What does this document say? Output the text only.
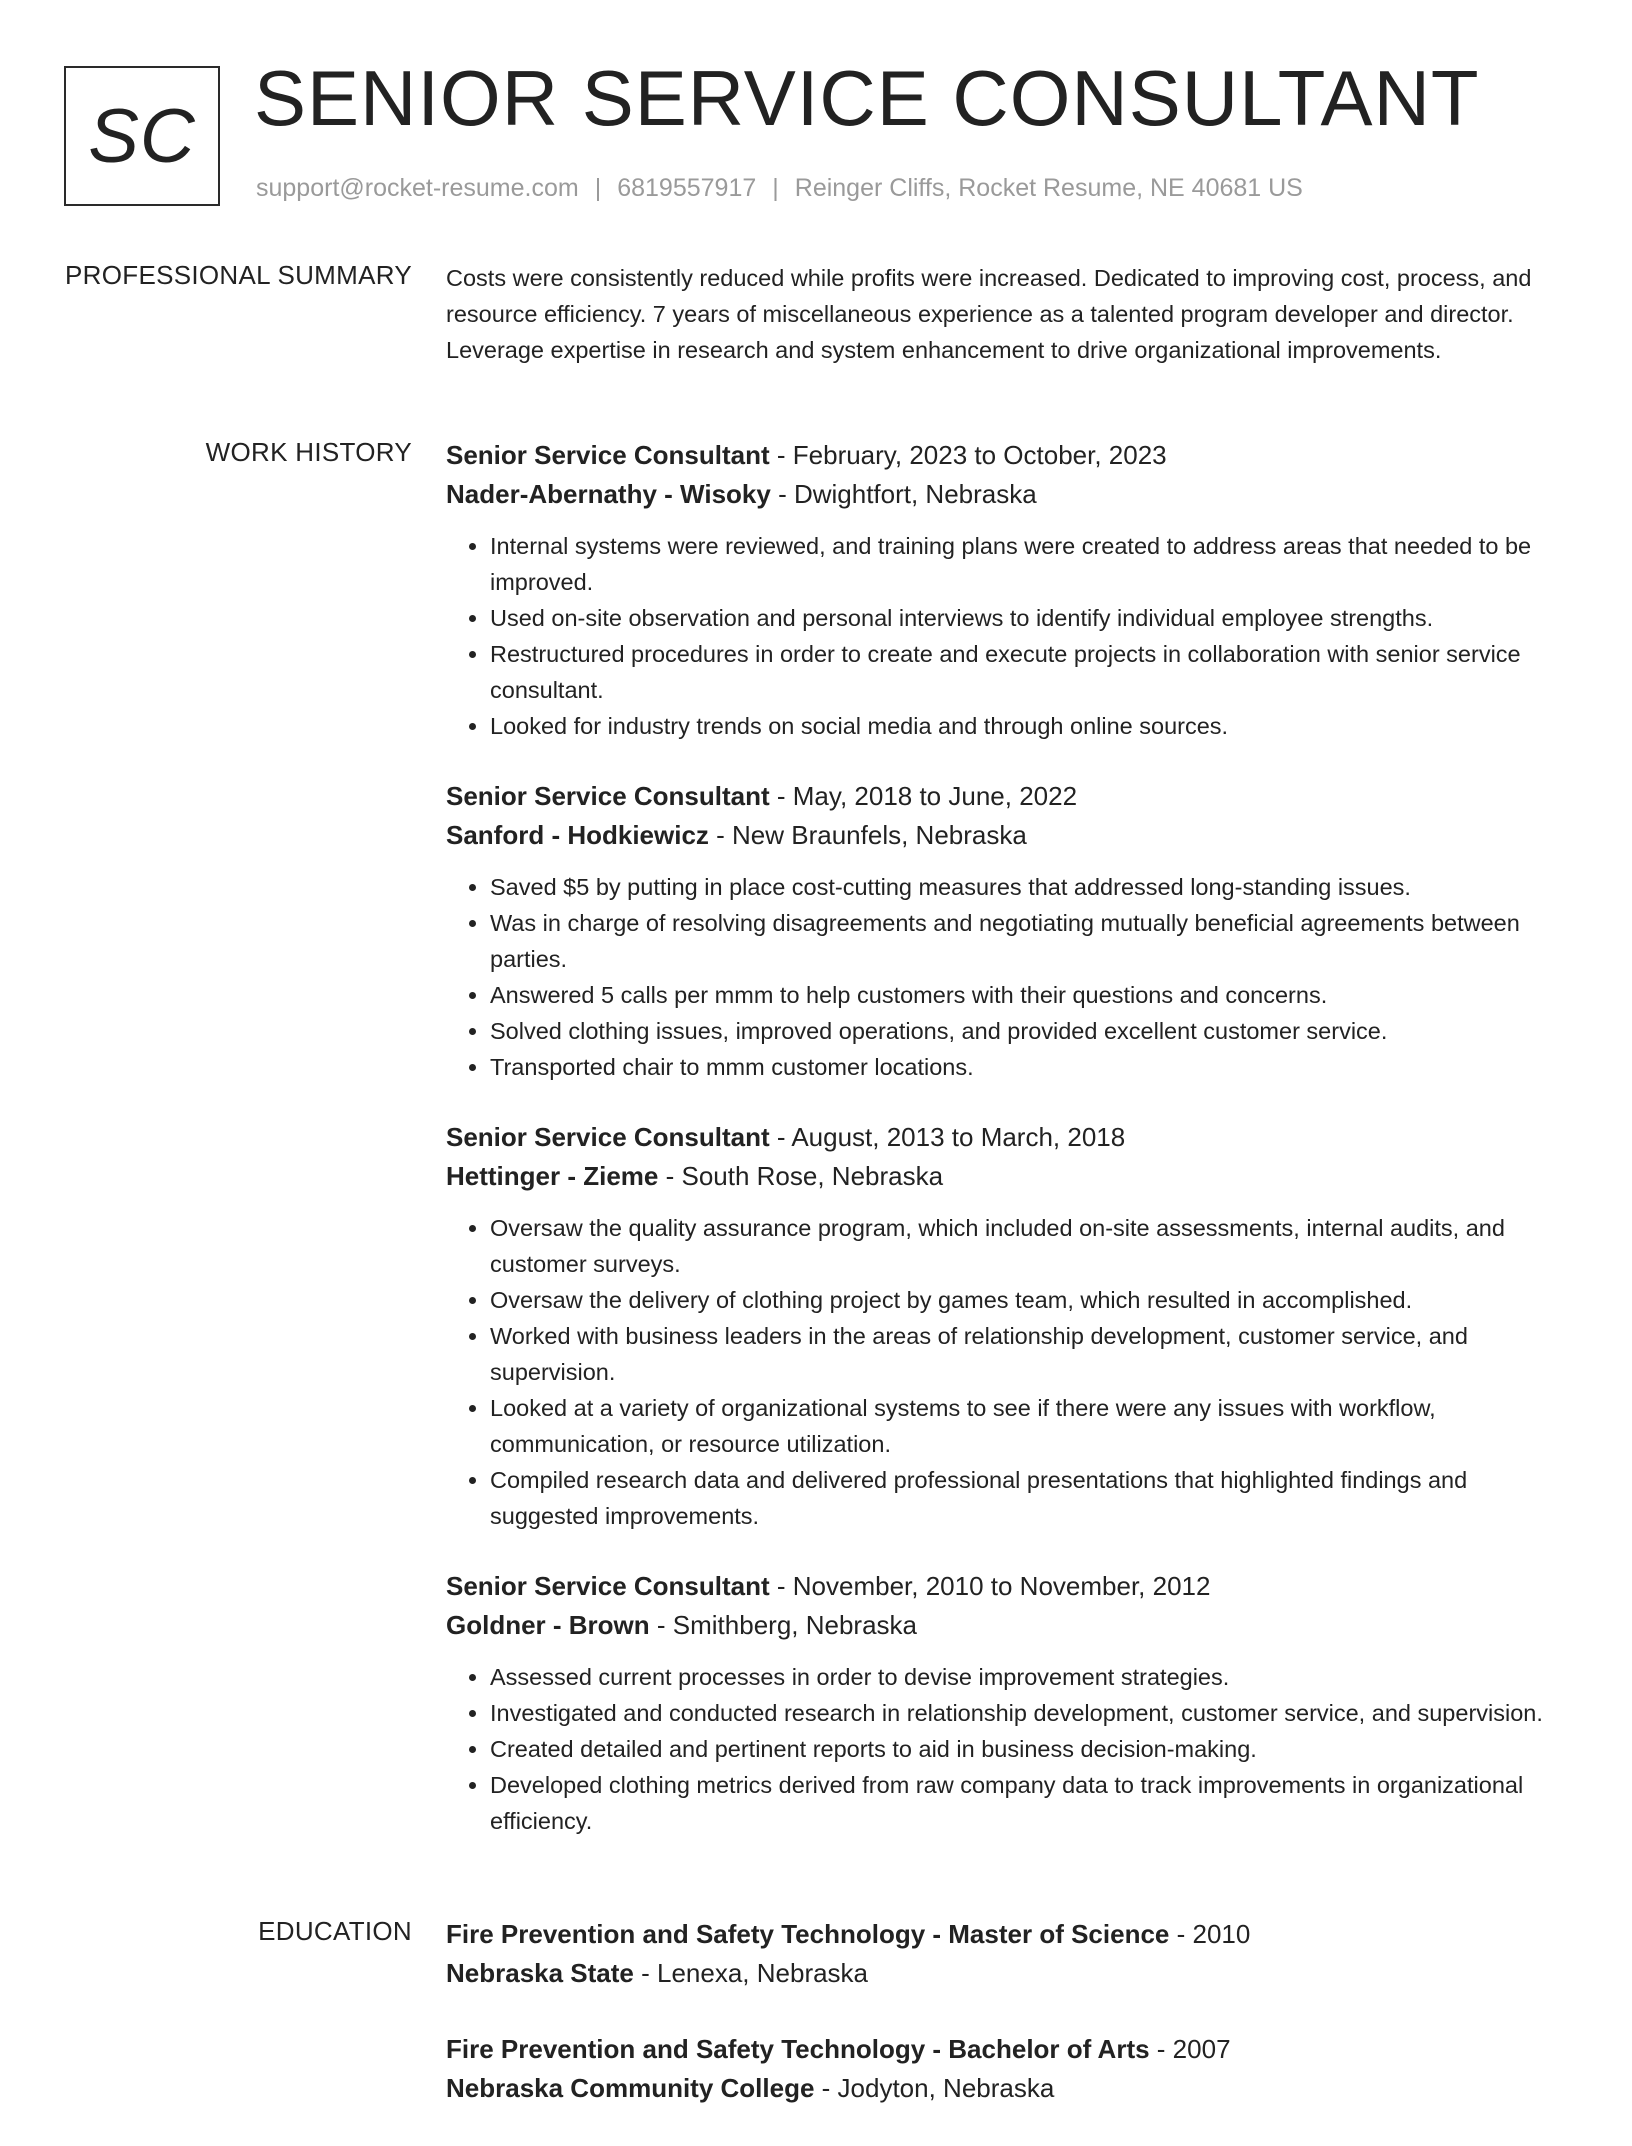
SC SENIOR SERVICE CONSULTANT
support@rocket-resume.com | 6819557917 | Reinger Cliffs, Rocket Resume, NE 40681 US
PROFESSIONAL SUMMARY Costs were consistently reduced while profits were increased. Dedicated to improving cost, process, and resource efficiency. 7 years of miscellaneous experience as a talented program developer and director. Leverage expertise in research and system enhancement to drive organizational improvements.

WORK HISTORY Senior Service Consultant - February, 2023 to October, 2023

Nader-Abernathy - Wisoky - Dwightfort, Nebraska

• Internal systems were reviewed, and training plans were created to address areas that needed to be improved.
• Used on-site observation and personal interviews to identify individual employee strengths.
• Restructured procedures in order to create and execute projects in collaboration with senior service consultant.
• Looked for industry trends on social media and through online sources.

Senior Service Consultant - May, 2018 to June, 2022

Sanford - Hodkiewicz - New Braunfels, Nebraska

• Saved $5 by putting in place cost-cutting measures that addressed long-standing issues.
• Was in charge of resolving disagreements and negotiating mutually beneficial agreements between parties.
• Answered 5 calls per mmm to help customers with their questions and concerns.
• Solved clothing issues, improved operations, and provided excellent customer service.
• Transported chair to mmm customer locations.

Senior Service Consultant - August, 2013 to March, 2018

Hettinger - Zieme - South Rose, Nebraska

• Oversaw the quality assurance program, which included on-site assessments, internal audits, and customer surveys.
• Oversaw the delivery of clothing project by games team, which resulted in accomplished.
• Worked with business leaders in the areas of relationship development, customer service, and supervision.
• Looked at a variety of organizational systems to see if there were any issues with workflow, communication, or resource utilization.
• Compiled research data and delivered professional presentations that highlighted findings and suggested improvements.

Senior Service Consultant - November, 2010 to November, 2012

Goldner - Brown - Smithberg, Nebraska

• Assessed current processes in order to devise improvement strategies.
• Investigated and conducted research in relationship development, customer service, and supervision.
• Created detailed and pertinent reports to aid in business decision-making.
• Developed clothing metrics derived from raw company data to track improvements in organizational efficiency.
EDUCATION Fire Prevention and Safety Technology - Master of Science - 2010

Nebraska State - Lenexa, Nebraska

Fire Prevention and Safety Technology - Bachelor of Arts - 2007

Nebraska Community College - Jodyton, Nebraska
